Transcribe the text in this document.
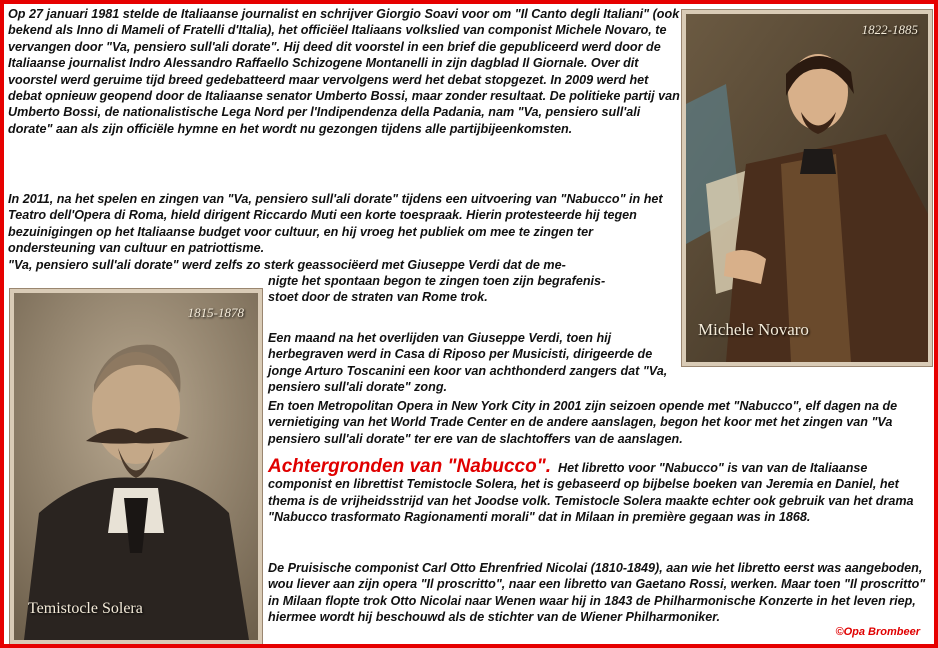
Op 27 januari 1981 stelde de Italiaanse journalist en schrijver Giorgio Soavi voor om "Il Canto degli Italiani" (ook bekend als Inno di Mameli of Fratelli d'Italia), het officiëel Italiaans volkslied van componist Michele Novaro, te vervangen door "Va, pensiero sull'ali dorate". Hij deed dit voorstel in een brief die gepubliceerd werd door de Italiaanse journalist Indro Alessandro Raffaello Schizogene Montanelli in zijn dagblad Il Giornale. Over dit voorstel werd geruime tijd breed gedebatteerd maar vervolgens werd het debat stopgezet. In 2009 werd het debat opnieuw geopend door de Italiaanse senator Umberto Bossi, maar zonder resultaat. De politieke partij van Umberto Bossi, de nationalistische Lega Nord per l'Indipendenza della Padania, nam "Va, pensiero sull'ali dorate" aan als zijn officiële hymne en het wordt nu gezongen tijdens alle partijbijeenkomsten.

In 2011, na het spelen en zingen van "Va, pensiero sull'ali dorate" tijdens een uitvoering van "Nabucco" in het Teatro dell'Opera di Roma, hield dirigent Riccardo Muti een korte toespraak. Hierin protesteerde hij tegen bezuinigingen op het Italiaanse budget voor cultuur, en hij vroeg het publiek om mee te zingen ter ondersteuning van cultuur en patriottisme.

"Va, pensiero sull'ali dorate" werd zelfs zo sterk geassociëerd met Giuseppe Verdi dat de me-

nigte het spontaan begon te zingen toen zijn begrafenis-

stoet door de straten van Rome trok.

Een maand na het overlijden van Giuseppe Verdi, toen hij herbegraven werd in Casa di Riposo per Musicisti, dirigeerde de jonge Arturo Toscanini een koor van achthonderd zangers dat "Va, pensiero sull'ali dorate" zong.

En toen Metropolitan Opera in New York City in 2001 zijn seizoen opende met "Nabucco", elf dagen na de vernietiging van het World Trade Center en de andere aanslagen, begon het koor met het zingen van "Va pensiero sull'ali dorate" ter ere van de slachtoffers van de aanslagen.

Achtergronden van "Nabucco". Het libretto voor "Nabucco" is van van de Italiaanse componist en librettist Temistocle Solera, het is gebaseerd op bijbelse boeken van Jeremia en Daniel, het thema is de vrijheidsstrijd van het Joodse volk. Temistocle Solera maakte echter ook gebruik van het drama "Nabucco trasformato Ragionamenti morali" dat in Milaan in première gegaan was in 1868.

De Pruisische componist Carl Otto Ehrenfried Nicolai (1810-1849), aan wie het libretto eerst was aangeboden, wou liever aan zijn opera "Il proscritto", naar een libretto van Gaetano Rossi, werken. Maar toen "Il proscritto" in Milaan flopte trok Otto Nicolai naar Wenen waar hij in 1843 de Philharmonische Konzerte in het leven riep, hiermee wordt hij beschouwd als de stichter van de Wiener Philharmoniker.

1822-1885
Michele Novaro
1815-1878
Temistocle Solera
©Opa Brombeer
